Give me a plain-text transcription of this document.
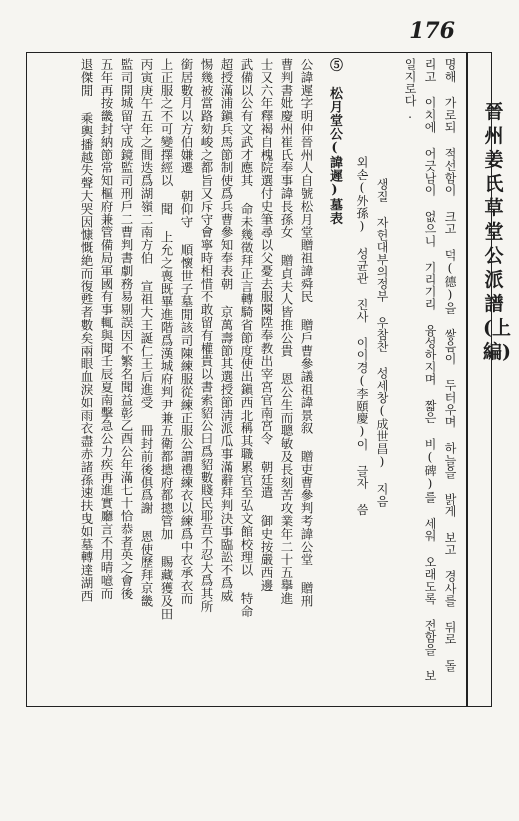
176
晉州姜氏草堂公派譜(上編)
명해 가로되 적선함이 크고 덕(德)을 쌓음이 두터우며 하늘을 밝게 보고 경사를 뒤로 돌
리고 이치에 어긋남이 없으니 기리기리 융성하지며 짧은 비(碑)를 세워 오래도록 전함을 보
일지로다.
생질 자헌대부의정부 우참찬 성세창(成世昌) 지음
외손(外孫) 성균관 진사 이이경(李頤慶)이 글자 씀
⑤ 松月堂公(諱遲)墓表
公諱遲字明仲晉州人自號松月堂贈祖諱舜民 贈戶曹參議祖諱景叙 贈吏曹參判考諱公堂 贈刑
曹判書妣慶州崔氏奉事諱長孫女 贈貞夫人皆推公貴 恩公生而聰敏及長刻苦攻業年二十五擧進
士又六年釋褐自槐院選付史筆尋以父憂去服闋陞奉教出宰宮官南宮令 朝廷遣 御史按嚴西邊
武備以公有文武才應其 命未幾徵拜正言轉騎省節度使出鎭西北稱其職累官至弘文館校理以 特命
超授滿浦鎭兵馬節制使爲兵曹參知奉表朝 京萬壽節其選授節淸派瓜事滿辭拜判決事臨訟不爲威
惕幾被當路劾峻之都旨又斥守會寧時相惜不敢留有權貴以書索貂公曰爲貂數賤民耶吾不忍大爲其所
銜居數月以方伯嫌遷 朝仰守 順懷世子墓閒該司陳練服從練正服公謂禮練衣以練爲中衣承衣而
上正服之不可變擇經以 聞 上允之喪既畢進階爲漢城府判尹兼五衛都摠府都摠管加 賜藏獲及田
丙寅庚午五年之間迭爲湖嶺二南方伯 宣祖大王誕仁王后進受 冊封前後俱爲謝 恩使歷拜京畿
監司開城留守成鏡監司刑戶二曹判書劇務易剔誤因不繁名聞益彰乙酉公年滿七十恰恭者英之會後
五年再按畿封納節常知樞府兼管備局軍國有事輒與聞壬辰夏南擊急公力疾再進實廳言不用晴噫而
退傑閒 乘輿播越失聲大哭因慷慨絶而復甦者數矣兩眼血淚如雨衣盡赤諸孫速扶曳如墓轉達湖西
